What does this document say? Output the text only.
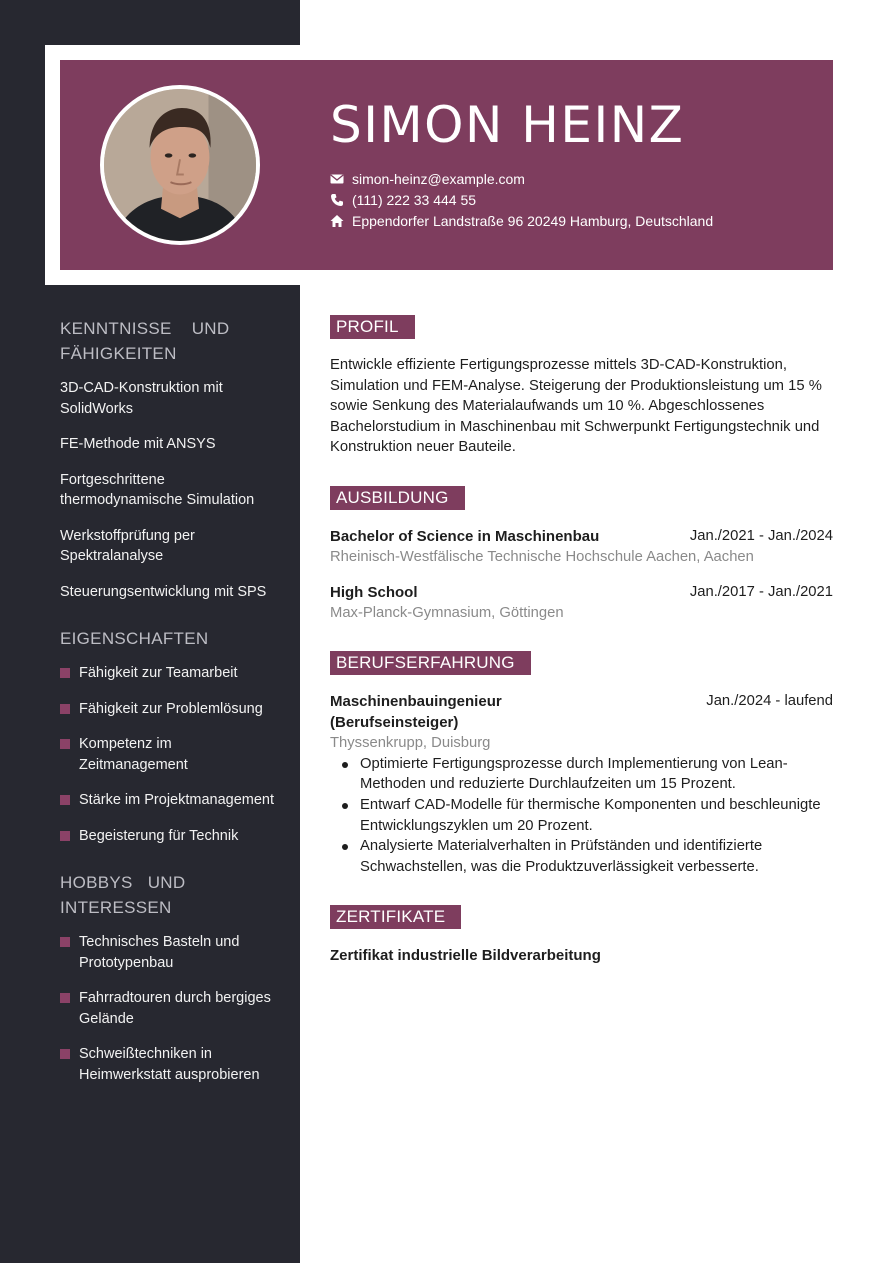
SIMON HEINZ
simon-heinz@example.com
(111) 222 33 444 55
Eppendorfer Landstraße 96 20249 Hamburg, Deutschland
KENNTNISSE    UND FÄHIGKEITEN
3D-CAD-Konstruktion mit SolidWorks
FE-Methode mit ANSYS
Fortgeschrittene thermodynamische Simulation
Werkstoffprüfung per Spektralanalyse
Steuerungsentwicklung mit SPS
EIGENSCHAFTEN
Fähigkeit zur Teamarbeit
Fähigkeit zur Problemlösung
Kompetenz im Zeitmanagement
Stärke im Projektmanagement
Begeisterung für Technik
HOBBYS   UND INTERESSEN
Technisches Basteln und Prototypenbau
Fahrradtouren durch bergiges Gelände
Schweißtechniken in Heimwerkstatt ausprobieren
PROFIL

Entwickle effiziente Fertigungsprozesse mittels 3D-CAD-Konstruktion, Simulation und FEM-Analyse. Steigerung der Produktionsleistung um 15 % sowie Senkung des Materialaufwands um 10 %. Abgeschlossenes Bachelorstudium in Maschinenbau mit Schwerpunkt Fertigungstechnik und Konstruktion neuer Bauteile.

AUSBILDUNG
Bachelor of Science in Maschinenbau	Jan./2021 - Jan./2024
Rheinisch-Westfälische Technische Hochschule Aachen, Aachen
High School	Jan./2017 - Jan./2021
Max-Planck-Gymnasium, Göttingen
BERUFSERFAHRUNG
Maschinenbauingenieur (Berufseinsteiger)
Jan./2024 - laufend
Thyssenkrupp, Duisburg
Optimierte Fertigungsprozesse durch Implementierung von Lean-Methoden und reduzierte Durchlaufzeiten um 15 Prozent.
Entwarf CAD-Modelle für thermische Komponenten und beschleunigte Entwicklungszyklen um 20 Prozent.
Analysierte Materialverhalten in Prüfständen und identifizierte Schwachstellen, was die Produktzuverlässigkeit verbesserte.
ZERTIFIKATE
Zertifikat industrielle Bildverarbeitung
